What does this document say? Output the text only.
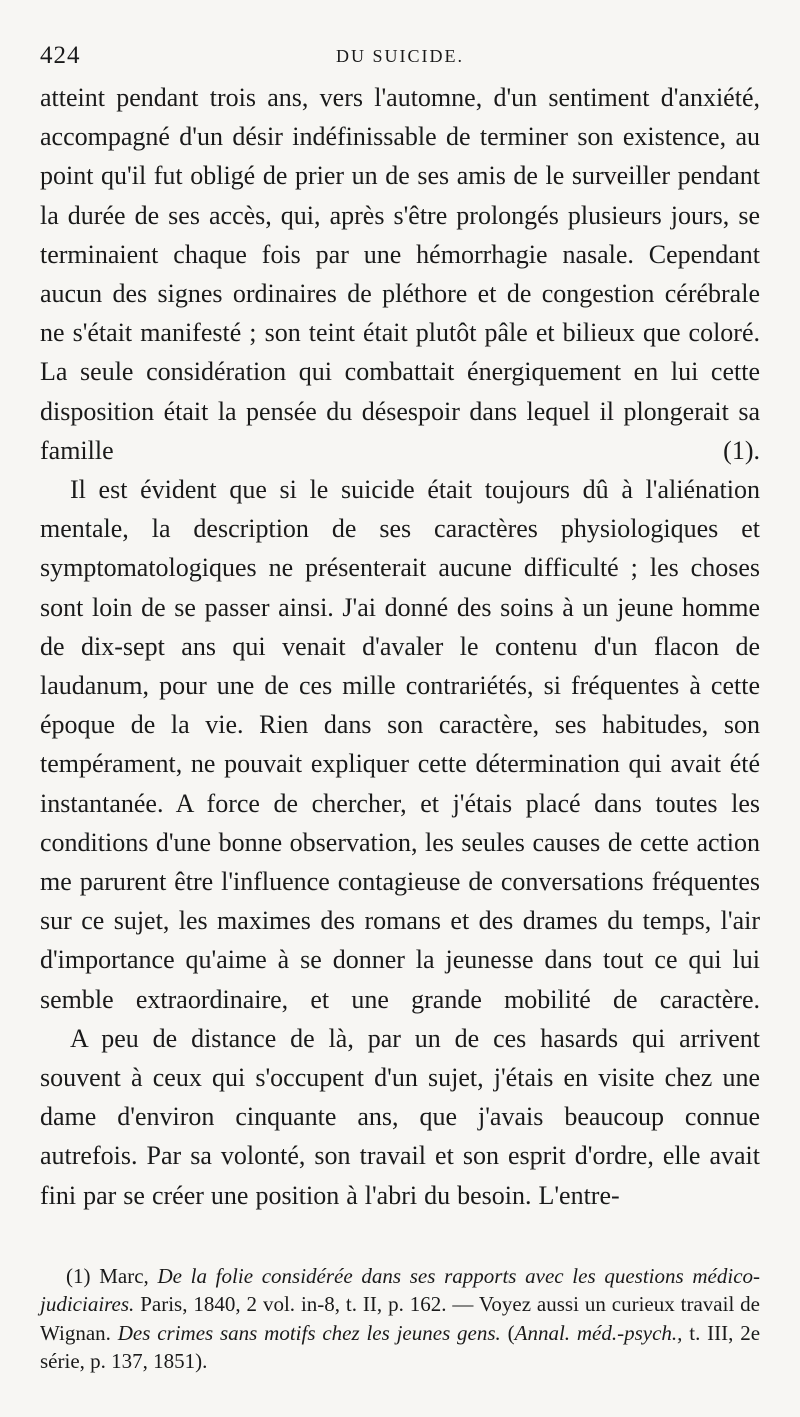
424	DU SUICIDE.

atteint pendant trois ans, vers l'automne, d'un sentiment d'anxiété, accompagné d'un désir indéfinissable de terminer son existence, au point qu'il fut obligé de prier un de ses amis de le surveiller pendant la durée de ses accès, qui, après s'être prolongés plusieurs jours, se terminaient chaque fois par une hémorrhagie nasale. Cependant aucun des signes ordinaires de pléthore et de congestion cérébrale ne s'était manifesté ; son teint était plutôt pâle et bilieux que coloré. La seule considération qui combattait énergiquement en lui cette disposition était la pensée du désespoir dans lequel il plongerait sa famille (1).

Il est évident que si le suicide était toujours dû à l'aliénation mentale, la description de ses caractères physiologiques et symptomatologiques ne présenterait aucune difficulté ; les choses sont loin de se passer ainsi. J'ai donné des soins à un jeune homme de dix-sept ans qui venait d'avaler le contenu d'un flacon de laudanum, pour une de ces mille contrariétés, si fréquentes à cette époque de la vie. Rien dans son caractère, ses habitudes, son tempérament, ne pouvait expliquer cette détermination qui avait été instantanée. A force de chercher, et j'étais placé dans toutes les conditions d'une bonne observation, les seules causes de cette action me parurent être l'influence contagieuse de conversations fréquentes sur ce sujet, les maximes des romans et des drames du temps, l'air d'importance qu'aime à se donner la jeunesse dans tout ce qui lui semble extraordinaire, et une grande mobilité de caractère.

A peu de distance de là, par un de ces hasards qui arrivent souvent à ceux qui s'occupent d'un sujet, j'étais en visite chez une dame d'environ cinquante ans, que j'avais beaucoup connue autrefois. Par sa volonté, son travail et son esprit d'ordre, elle avait fini par se créer une position à l'abri du besoin. L'entre-

(1) Marc, De la folie considérée dans ses rapports avec les questions médico-judiciaires. Paris, 1840, 2 vol. in-8, t. II, p. 162. — Voyez aussi un curieux travail de Wignan. Des crimes sans motifs chez les jeunes gens. (Annal. méd.-psych., t. III, 2e série, p. 137, 1851).
